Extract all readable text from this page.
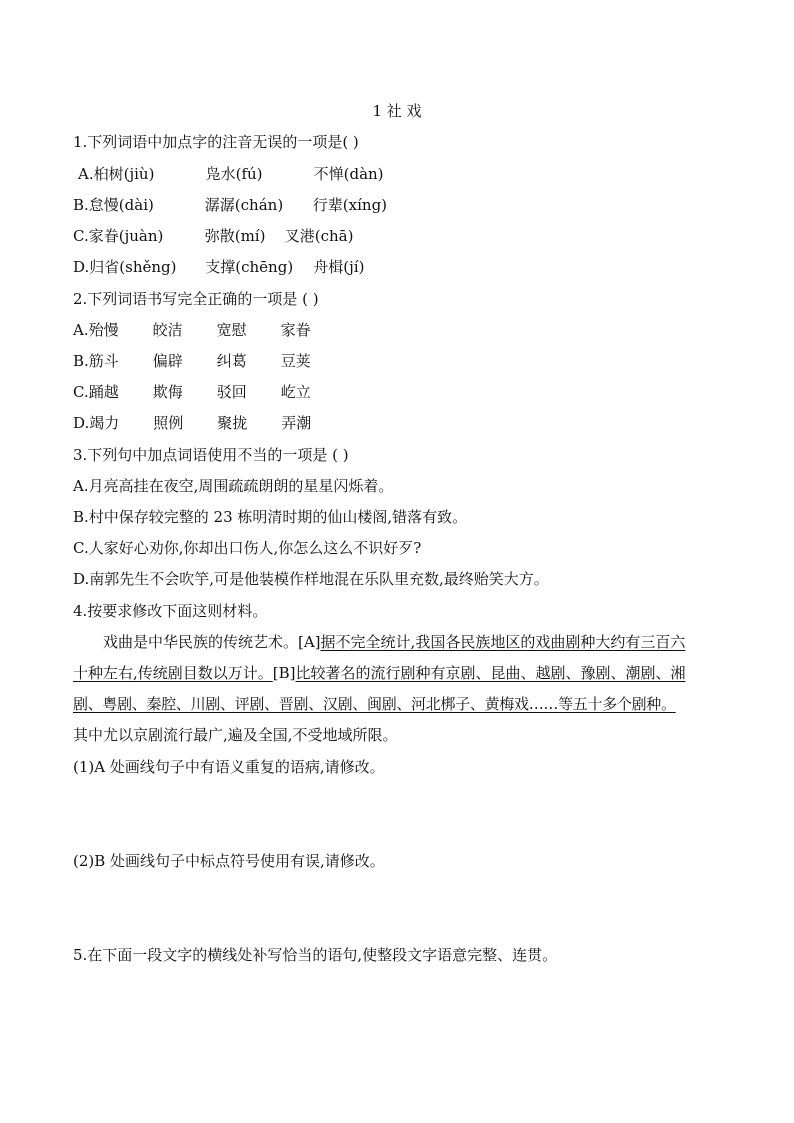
1 社 戏
1.下列词语中加点字的注音无误的一项是( )
A.桕树(jiù)	凫水(fú)	不惮(dàn)
B.怠慢(dài)	潺潺(chán) 行辈(xíng)
C.家眷(juàn)	弥散(mí) 叉港(chā)
D.归省(shěng) 支撑(chēng) 舟楫(jí)
2.下列词语书写完全正确的一项是 ( )
A.殆慢 皎洁 宽慰 家眷
B.筋斗 偏辟 纠葛 豆荚
C.踊越 欺侮 驳回 屹立
D.竭力 照例 聚拢 弄潮
3.下列句中加点词语使用不当的一项是 ( )
A.月亮高挂在夜空,周围疏疏朗朗的星星闪烁着。
B.村中保存较完整的 23 栋明清时期的仙山楼阁,错落有致。
C.人家好心劝你,你却出口伤人,你怎么这么不识好歹?
D.南郭先生不会吹竽,可是他装模作样地混在乐队里充数,最终贻笑大方。
4.按要求修改下面这则材料。
戏曲是中华民族的传统艺术。[A]据不完全统计,我国各民族地区的戏曲剧种大约有三百六
十种左右,传统剧目数以万计。[B]比较著名的流行剧种有京剧、昆曲、越剧、豫剧、潮剧、湘
剧、粤剧、秦腔、川剧、评剧、晋剧、汉剧、闽剧、河北梆子、黄梅戏……等五十多个剧种。
其中尤以京剧流行最广,遍及全国,不受地域所限。
(1)A 处画线句子中有语义重复的语病,请修改。
(2)B 处画线句子中标点符号使用有误,请修改。
5.在下面一段文字的横线处补写恰当的语句,使整段文字语意完整、连贯。
